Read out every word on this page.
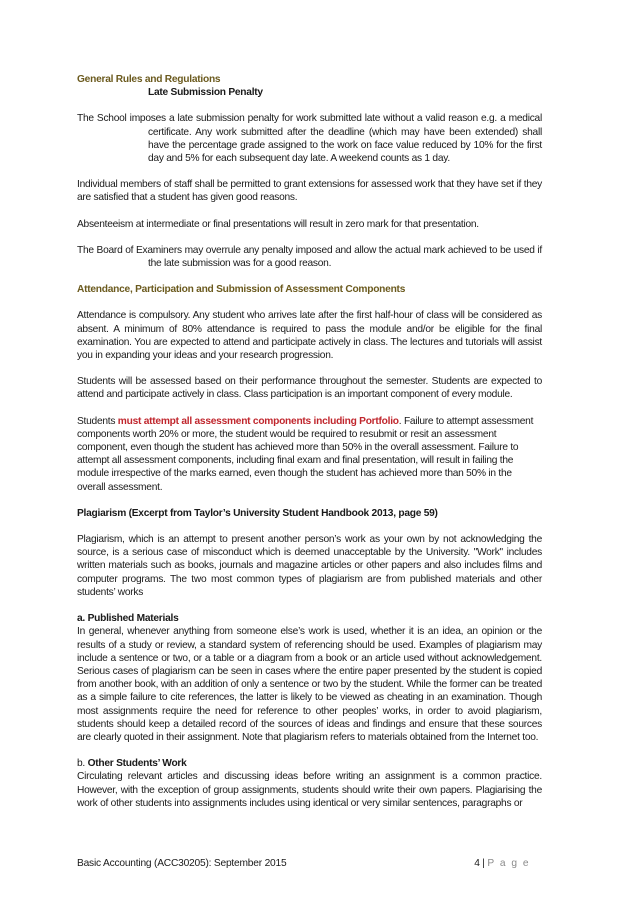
General Rules and Regulations

Late Submission Penalty

The School imposes a late submission penalty for work submitted late without a valid reason e.g. a medical certificate. Any work submitted after the deadline (which may have been extended) shall have the percentage grade assigned to the work on face value reduced by 10% for the first day and 5% for each subsequent day late. A weekend counts as 1 day.

Individual members of staff shall be permitted to grant extensions for assessed work that they have set if they are satisfied that a student has given good reasons.

Absenteeism at intermediate or final presentations will result in zero mark for that presentation.

The Board of Examiners may overrule any penalty imposed and allow the actual mark achieved to be used if the late submission was for a good reason.

Attendance, Participation and Submission of Assessment Components

Attendance is compulsory. Any student who arrives late after the first half-hour of class will be considered as absent. A minimum of 80% attendance is required to pass the module and/or be eligible for the final examination. You are expected to attend and participate actively in class. The lectures and tutorials will assist you in expanding your ideas and your research progression.

Students will be assessed based on their performance throughout the semester. Students are expected to attend and participate actively in class. Class participation is an important component of every module.

Students must attempt all assessment components including Portfolio. Failure to attempt assessment components worth 20% or more, the student would be required to resubmit or resit an assessment component, even though the student has achieved more than 50% in the overall assessment. Failure to attempt all assessment components, including final exam and final presentation, will result in failing the module irrespective of the marks earned, even though the student has achieved more than 50% in the overall assessment.

Plagiarism (Excerpt from Taylor’s University Student Handbook 2013, page 59)

Plagiarism, which is an attempt to present another person’s work as your own by not acknowledging the source, is a serious case of misconduct which is deemed unacceptable by the University. "Work" includes written materials such as books, journals and magazine articles or other papers and also includes films and computer programs. The two most common types of plagiarism are from published materials and other students’ works

a. Published Materials

In general, whenever anything from someone else’s work is used, whether it is an idea, an opinion or the results of a study or review, a standard system of referencing should be used. Examples of plagiarism may include a sentence or two, or a table or a diagram from a book or an article used without acknowledgement. Serious cases of plagiarism can be seen in cases where the entire paper presented by the student is copied from another book, with an addition of only a sentence or two by the student. While the former can be treated as a simple failure to cite references, the latter is likely to be viewed as cheating in an examination. Though most assignments require the need for reference to other peoples’ works, in order to avoid plagiarism, students should keep a detailed record of the sources of ideas and findings and ensure that these sources are clearly quoted in their assignment. Note that plagiarism refers to materials obtained from the Internet too.

b. Other Students’ Work

Circulating relevant articles and discussing ideas before writing an assignment is a common practice. However, with the exception of group assignments, students should write their own papers. Plagiarising the work of other students into assignments includes using identical or very similar sentences, paragraphs or

Basic Accounting (ACC30205): September 2015	4 | P a g e
